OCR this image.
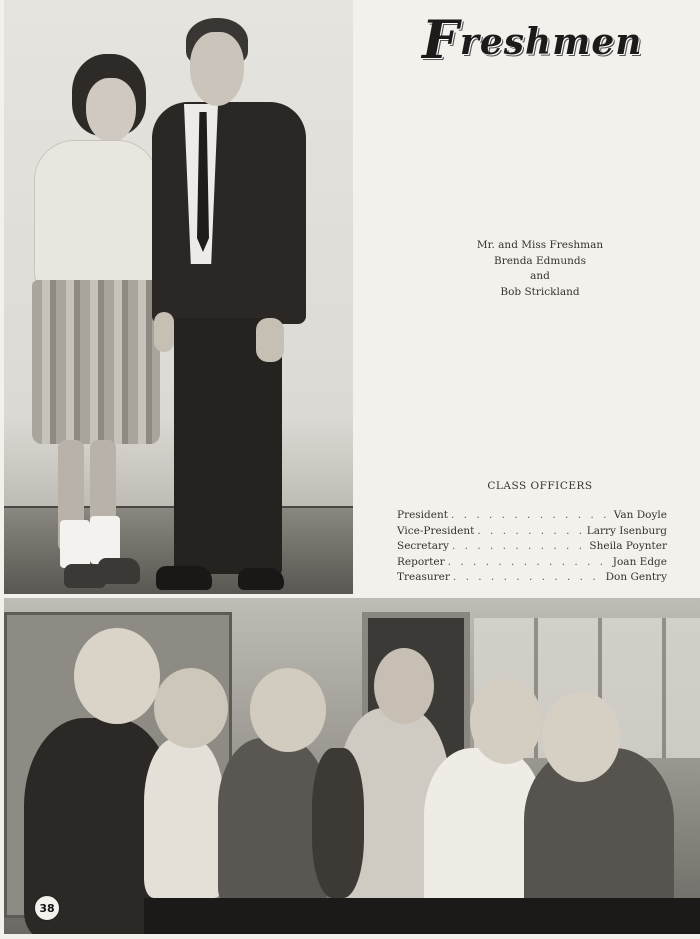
Freshmen
Mr. and Miss Freshman
Brenda Edmunds
and
Bob Strickland
CLASS OFFICERS
President . . .	Van Doyle
Vice-President . . .	Larry Isenburg
Secretary . . .	Sheila Poynter
Reporter . . .	Joan Edge
Treasurer . . .	Don Gentry
38
